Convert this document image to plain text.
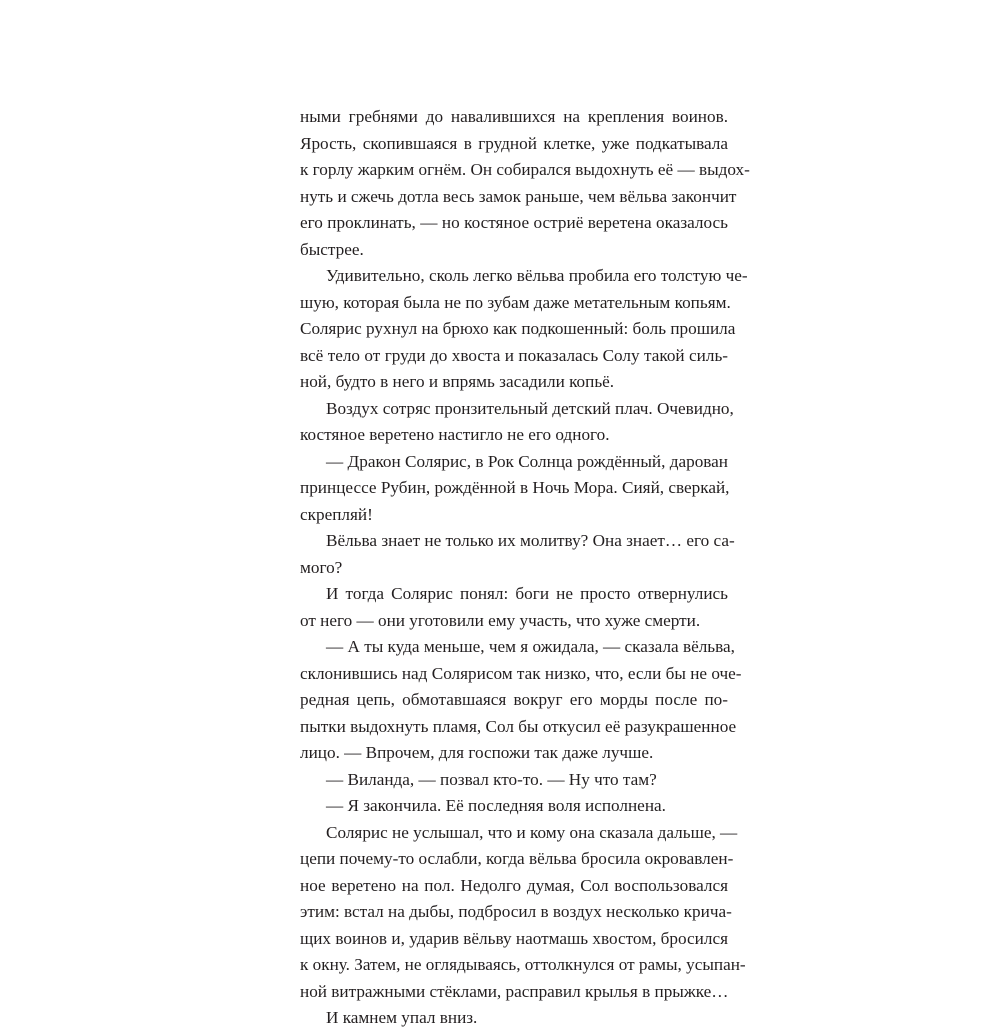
ными гребнями до навалившихся на крепления воинов.
Ярость, скопившаяся в грудной клетке, уже подкатывала
к горлу жарким огнём. Он собирался выдохнуть её — выдох-
нуть и сжечь дотла весь замок раньше, чем вёльва закончит
его проклинать, — но костяное остриё веретена оказалось
быстрее.
Удивительно, сколь легко вёльва пробила его толстую че-
шую, которая была не по зубам даже метательным копьям.
Солярис рухнул на брюхо как подкошенный: боль прошила
всё тело от груди до хвоста и показалась Солу такой силь-
ной, будто в него и впрямь засадили копьё.
Воздух сотряс пронзительный детский плач. Очевидно,
костяное веретено настигло не его одного.
— Дракон Солярис, в Рок Солнца рождённый, дарован
принцессе Рубин, рождённой в Ночь Мора. Сияй, сверкай,
скрепляй!
Вёльва знает не только их молитву? Она знает… его са-
мого?
И тогда Солярис понял: боги не просто отвернулись
от него — они уготовили ему участь, что хуже смерти.
— А ты куда меньше, чем я ожидала, — сказала вёльва,
склонившись над Солярисом так низко, что, если бы не оче-
редная цепь, обмотавшаяся вокруг его морды после по-
пытки выдохнуть пламя, Сол бы откусил её разукрашенное
лицо. — Впрочем, для госпожи так даже лучше.
— Виланда, — позвал кто-то. — Ну что там?
— Я закончила. Её последняя воля исполнена.
Солярис не услышал, что и кому она сказала дальше, —
цепи почему-то ослабли, когда вёльва бросила окровавлен-
ное веретено на пол. Недолго думая, Сол воспользовался
этим: встал на дыбы, подбросил в воздух несколько крича-
щих воинов и, ударив вёльву наотмашь хвостом, бросился
к окну. Затем, не оглядываясь, оттолкнулся от рамы, усыпан-
ной витражными стёклами, расправил крылья в прыжке…
И камнем упал вниз.
